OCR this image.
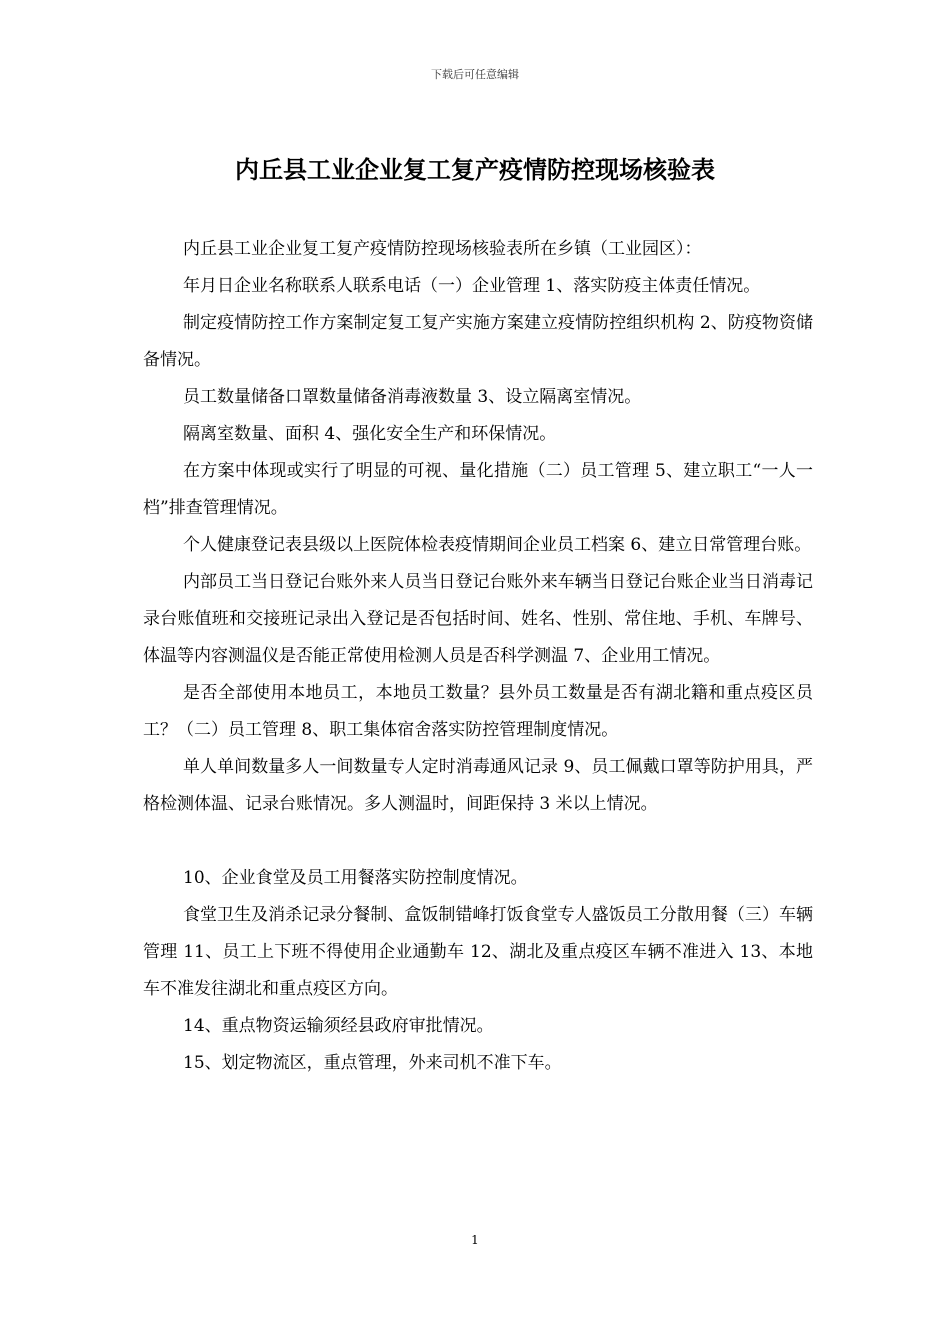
下载后可任意编辑
内丘县工业企业复工复产疫情防控现场核验表

内丘县工业企业复工复产疫情防控现场核验表所在乡镇（工业园区）：

年月日企业名称联系人联系电话（一）企业管理 1、落实防疫主体责任情况。

制定疫情防控工作方案制定复工复产实施方案建立疫情防控组织机构 2、防疫物资储备情况。

员工数量储备口罩数量储备消毒液数量 3、设立隔离室情况。

隔离室数量、面积 4、强化安全生产和环保情况。

在方案中体现或实行了明显的可视、量化措施（二）员工管理 5、建立职工“一人一档”排查管理情况。

个人健康登记表县级以上医院体检表疫情期间企业员工档案 6、建立日常管理台账。

内部员工当日登记台账外来人员当日登记台账外来车辆当日登记台账企业当日消毒记录台账值班和交接班记录出入登记是否包括时间、姓名、性别、常住地、手机、车牌号、体温等内容测温仪是否能正常使用检测人员是否科学测温 7、企业用工情况。

是否全部使用本地员工，本地员工数量？县外员工数量是否有湖北籍和重点疫区员工？（二）员工管理 8、职工集体宿舍落实防控管理制度情况。

单人单间数量多人一间数量专人定时消毒通风记录 9、员工佩戴口罩等防护用具，严格检测体温、记录台账情况。多人测温时，间距保持 3 米以上情况。

10、企业食堂及员工用餐落实防控制度情况。

食堂卫生及消杀记录分餐制、盒饭制错峰打饭食堂专人盛饭员工分散用餐（三）车辆管理 11、员工上下班不得使用企业通勤车 12、湖北及重点疫区车辆不准进入 13、本地车不准发往湖北和重点疫区方向。

14、重点物资运输须经县政府审批情况。

15、划定物流区，重点管理，外来司机不准下车。

1
